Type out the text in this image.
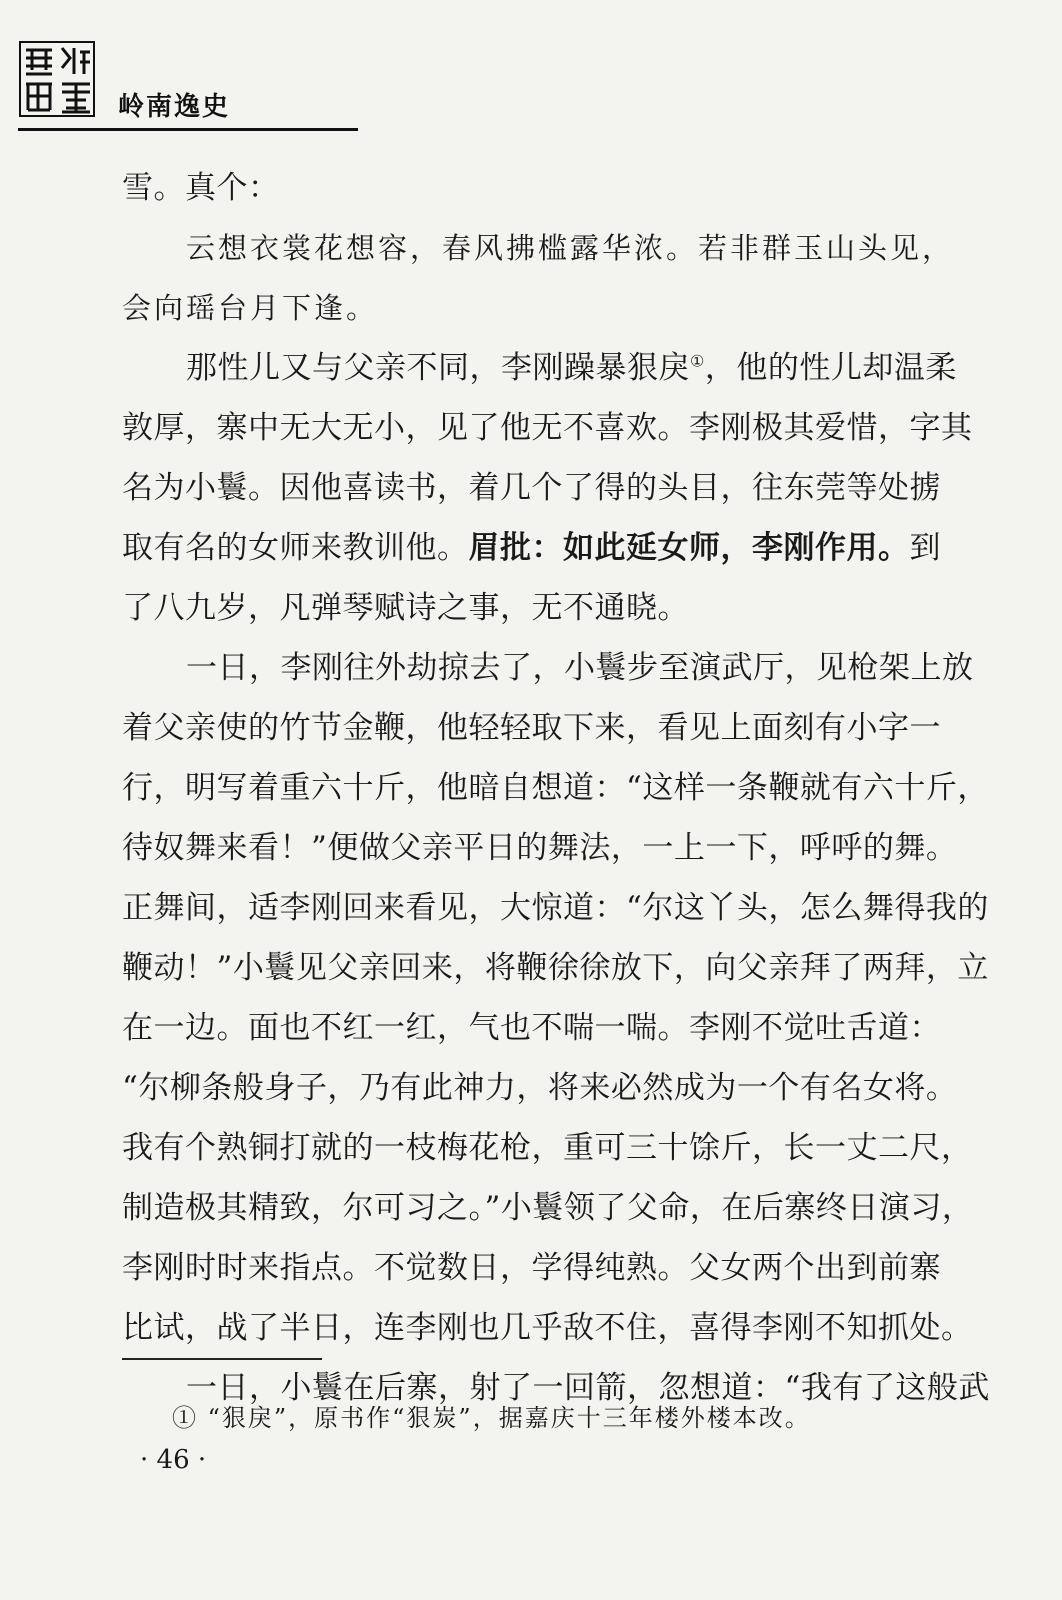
岭南逸史
雪。真个：
云想衣裳花想容，春风拂槛露华浓。若非群玉山头见，
会向瑶台月下逢。
那性儿又与父亲不同，李刚躁暴狠戾①，他的性儿却温柔
敦厚，寨中无大无小，见了他无不喜欢。李刚极其爱惜，字其
名为小鬟。因他喜读书，着几个了得的头目，往东莞等处掳
取有名的女师来教训他。眉批：如此延女师，李刚作用。到
了八九岁，凡弹琴赋诗之事，无不通晓。
一日，李刚往外劫掠去了，小鬟步至演武厅，见枪架上放
着父亲使的竹节金鞭，他轻轻取下来，看见上面刻有小字一
行，明写着重六十斤，他暗自想道：“这样一条鞭就有六十斤，
待奴舞来看！”便做父亲平日的舞法，一上一下，呼呼的舞。
正舞间，适李刚回来看见，大惊道：“尔这丫头，怎么舞得我的
鞭动！”小鬟见父亲回来，将鞭徐徐放下，向父亲拜了两拜，立
在一边。面也不红一红，气也不喘一喘。李刚不觉吐舌道：
“尔柳条般身子，乃有此神力，将来必然成为一个有名女将。
我有个熟铜打就的一枝梅花枪，重可三十馀斤，长一丈二尺，
制造极其精致，尔可习之。”小鬟领了父命，在后寨终日演习，
李刚时时来指点。不觉数日，学得纯熟。父女两个出到前寨
比试，战了半日，连李刚也几乎敌不住，喜得李刚不知抓处。
一日，小鬟在后寨，射了一回箭，忽想道：“我有了这般武
① “狠戾”，原书作“狠炭”，据嘉庆十三年楼外楼本改。
· 46 ·
